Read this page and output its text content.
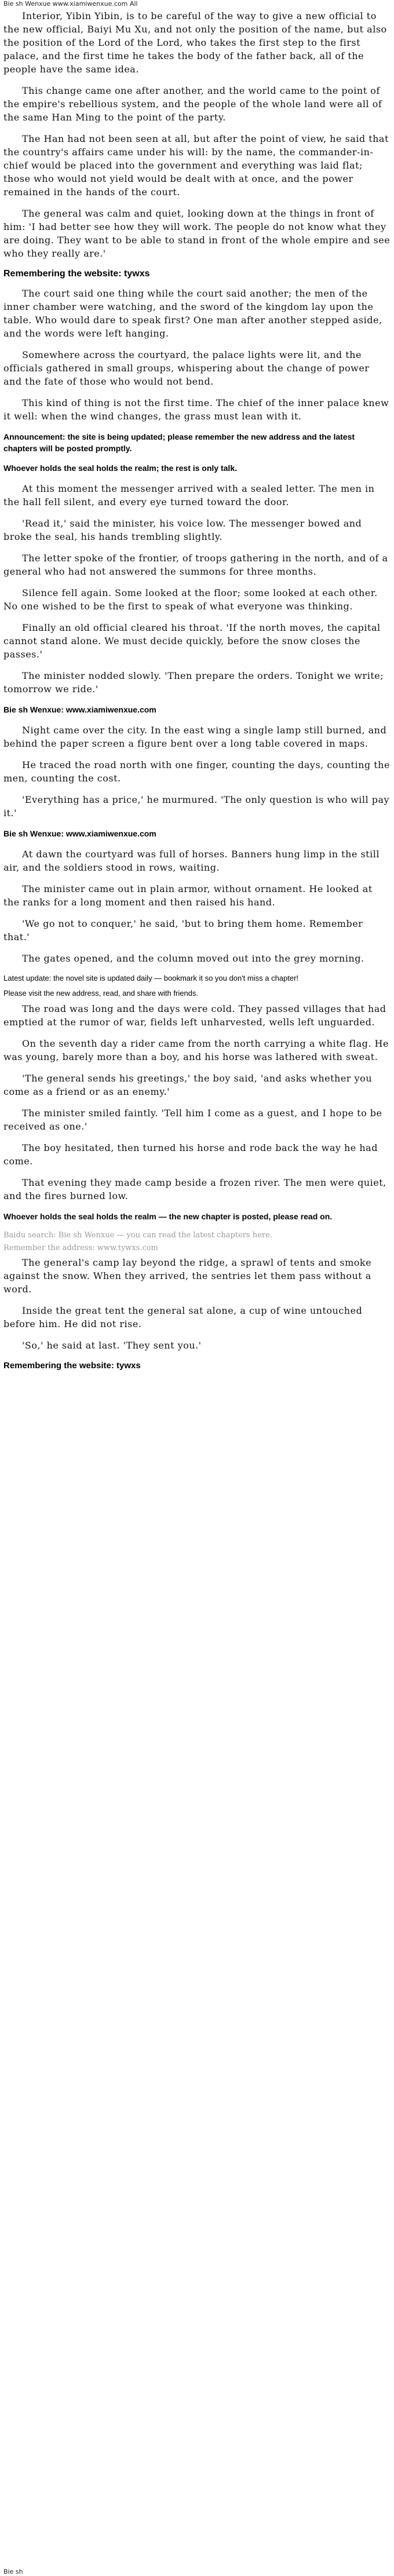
Bie sh Wenxue www.xiamiwenxue.com All

Interior, Yibin Yibin, is to be careful of the way to give a new official to the new official, Baiyi Mu Xu, and not only the position of the name, but also the position of the Lord of the Lord, who takes the first step to the first palace, and the first time he takes the body of the father back, all of the people have the same idea.

This change came one after another, and the world came to the point of the empire's rebellious system, and the people of the whole land were all of the same Han Ming to the point of the party.

The Han had not been seen at all, but after the point of view, he said that the country's affairs came under his will: by the name, the commander-in-chief would be placed into the government and everything was laid flat; those who would not yield would be dealt with at once, and the power remained in the hands of the court.

The general was calm and quiet, looking down at the things in front of him: 'I had better see how they will work. The people do not know what they are doing. They want to be able to stand in front of the whole empire and see who they really are.'

Remembering the website: tywxs

The court said one thing while the court said another; the men of the inner chamber were watching, and the sword of the kingdom lay upon the table. Who would dare to speak first? One man after another stepped aside, and the words were left hanging.

Somewhere across the courtyard, the palace lights were lit, and the officials gathered in small groups, whispering about the change of power and the fate of those who would not bend.

This kind of thing is not the first time. The chief of the inner palace knew it well: when the wind changes, the grass must lean with it.

Announcement: the site is being updated; please remember the new address and the latest chapters will be posted promptly.
Whoever holds the seal holds the realm; the rest is only talk.

At this moment the messenger arrived with a sealed letter. The men in the hall fell silent, and every eye turned toward the door.

'Read it,' said the minister, his voice low. The messenger bowed and broke the seal, his hands trembling slightly.

The letter spoke of the frontier, of troops gathering in the north, and of a general who had not answered the summons for three months.

Silence fell again. Some looked at the floor; some looked at each other. No one wished to be the first to speak of what everyone was thinking.

Finally an old official cleared his throat. 'If the north moves, the capital cannot stand alone. We must decide quickly, before the snow closes the passes.'

The minister nodded slowly. 'Then prepare the orders. Tonight we write; tomorrow we ride.'

Bie sh Wenxue: www.xiamiwenxue.com

Night came over the city. In the east wing a single lamp still burned, and behind the paper screen a figure bent over a long table covered in maps.

He traced the road north with one finger, counting the days, counting the men, counting the cost.

'Everything has a price,' he murmured. 'The only question is who will pay it.'

Bie sh Wenxue: www.xiamiwenxue.com

At dawn the courtyard was full of horses. Banners hung limp in the still air, and the soldiers stood in rows, waiting.

The minister came out in plain armor, without ornament. He looked at the ranks for a long moment and then raised his hand.

'We go not to conquer,' he said, 'but to bring them home. Remember that.'

The gates opened, and the column moved out into the grey morning.

Latest update: the novel site is updated daily — bookmark it so you don't miss a chapter!
Please visit the new address, read, and share with friends.

The road was long and the days were cold. They passed villages that had emptied at the rumor of war, fields left unharvested, wells left unguarded.

On the seventh day a rider came from the north carrying a white flag. He was young, barely more than a boy, and his horse was lathered with sweat.

'The general sends his greetings,' the boy said, 'and asks whether you come as a friend or as an enemy.'

The minister smiled faintly. 'Tell him I come as a guest, and I hope to be received as one.'

The boy hesitated, then turned his horse and rode back the way he had come.

That evening they made camp beside a frozen river. The men were quiet, and the fires burned low.

Whoever holds the seal holds the realm — the new chapter is posted, please read on.

Baidu search: Bie sh Wenxue — you can read the latest chapters here.

Remember the address: www.tywxs.com

The general's camp lay beyond the ridge, a sprawl of tents and smoke against the snow. When they arrived, the sentries let them pass without a word.

Inside the great tent the general sat alone, a cup of wine untouched before him. He did not rise.

'So,' he said at last. 'They sent you.'

Remembering the website: tywxs
Bie sh
